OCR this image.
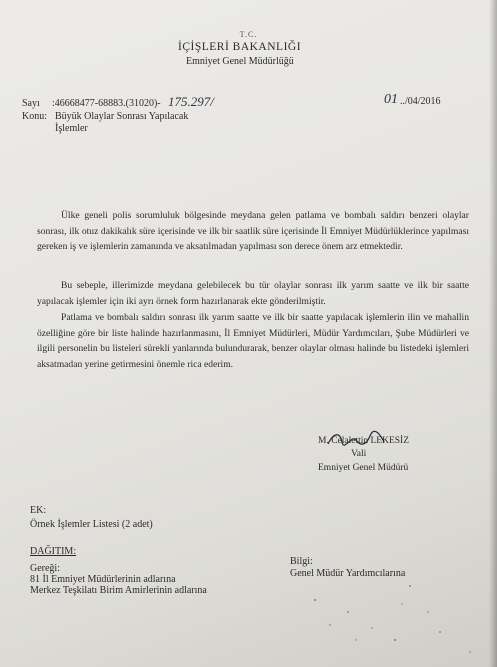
T.C.
İÇİŞLERİ BAKANLIĞI
Emniyet Genel Müdürlüğü
Sayı :46668477-68883.(31020)- 175.297/	01 ../04/2016
Konu: Büyük Olaylar Sonrası Yapılacak
İşlemler
Ülke geneli polis sorumluluk bölgesinde meydana gelen patlama ve bombalı saldırı benzeri olaylar sonrası, ilk otuz dakikalık süre içerisinde ve ilk bir saatlik süre içerisinde İl Emniyet Müdürlüklerince yapılması gereken iş ve işlemlerin zamanında ve aksatılmadan yapılması son derece önem arz etmektedir.
Bu sebeple, illerimizde meydana gelebilecek bu tür olaylar sonrası ilk yarım saatte ve ilk bir saatte yapılacak işlemler için iki ayrı örnek form hazırlanarak ekte gönderilmiştir.
Patlama ve bombalı saldırı sonrası ilk yarım saatte ve ilk bir saatte yapılacak işlemlerin ilin ve mahallin özelliğine göre bir liste halinde hazırlanmasını, İl Emniyet Müdürleri, Müdür Yardımcıları, Şube Müdürleri ve ilgili personelin bu listeleri sürekli yanlarında bulundurarak, benzer olaylar olması halinde bu listedeki işlemleri aksatmadan yerine getirmesini önemle rica ederim.
M. Celalettin LEKESİZ
Vali
Emniyet Genel Müdürü
EK:
Örnek İşlemler Listesi (2 adet)
DAĞITIM:
Gereği:
81 İl Emniyet Müdürlerinin adlarına
Merkez Teşkilatı Birim Amirlerinin adlarına
Bilgi:
Genel Müdür Yardımcılarına
